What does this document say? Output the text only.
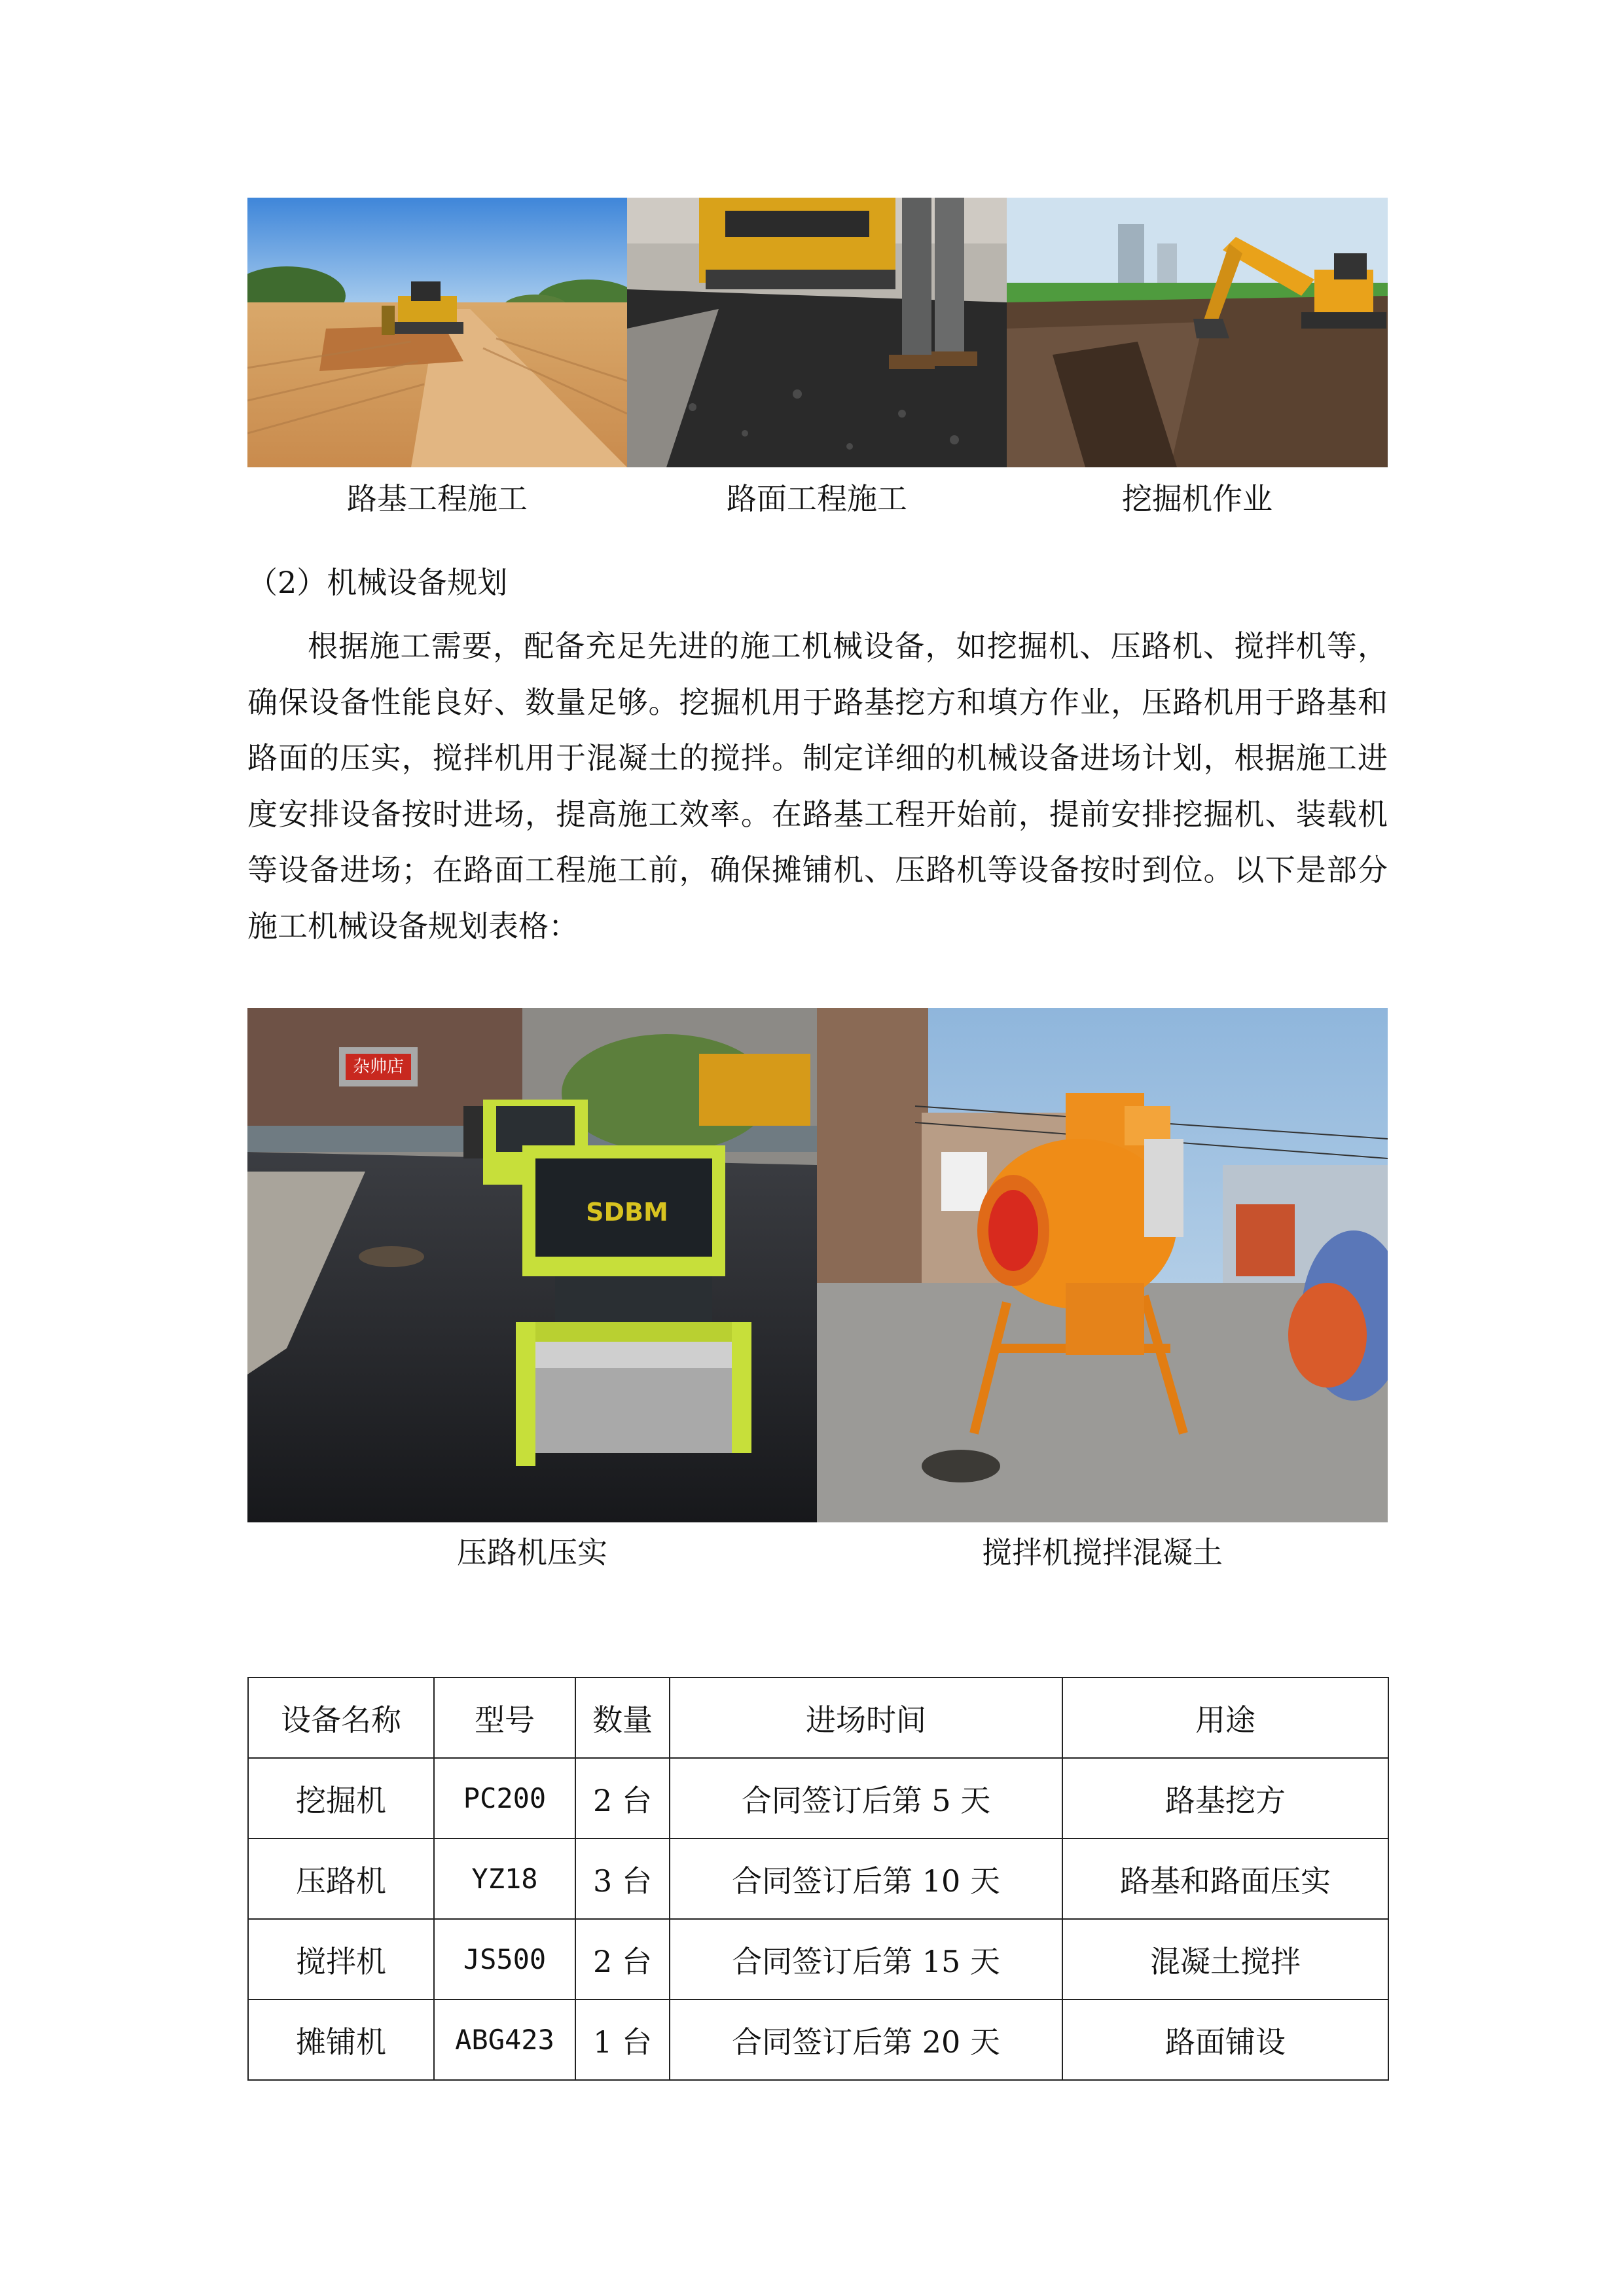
路基工程施工	路面工程施工	挖掘机作业
（2）机械设备规划
根据施工需要，配备充足先进的施工机械设备，如挖掘机、压路机、搅拌机等，确保设备性能良好、数量足够。挖掘机用于路基挖方和填方作业，压路机用于路基和路面的压实，搅拌机用于混凝土的搅拌。制定详细的机械设备进场计划，根据施工进度安排设备按时进场，提高施工效率。在路基工程开始前，提前安排挖掘机、装载机等设备进场；在路面工程施工前，确保摊铺机、压路机等设备按时到位。以下是部分施工机械设备规划表格：
杂帅店
SDBM
压路机压实	搅拌机搅拌混凝土
设备名称	型号	数量	进场时间	用途
挖掘机	PC200	2 台	合同签订后第 5 天	路基挖方
压路机	YZ18	3 台	合同签订后第 10 天	路基和路面压实
搅拌机	JS500	2 台	合同签订后第 15 天	混凝土搅拌
摊铺机	ABG423	1 台	合同签订后第 20 天	路面铺设
